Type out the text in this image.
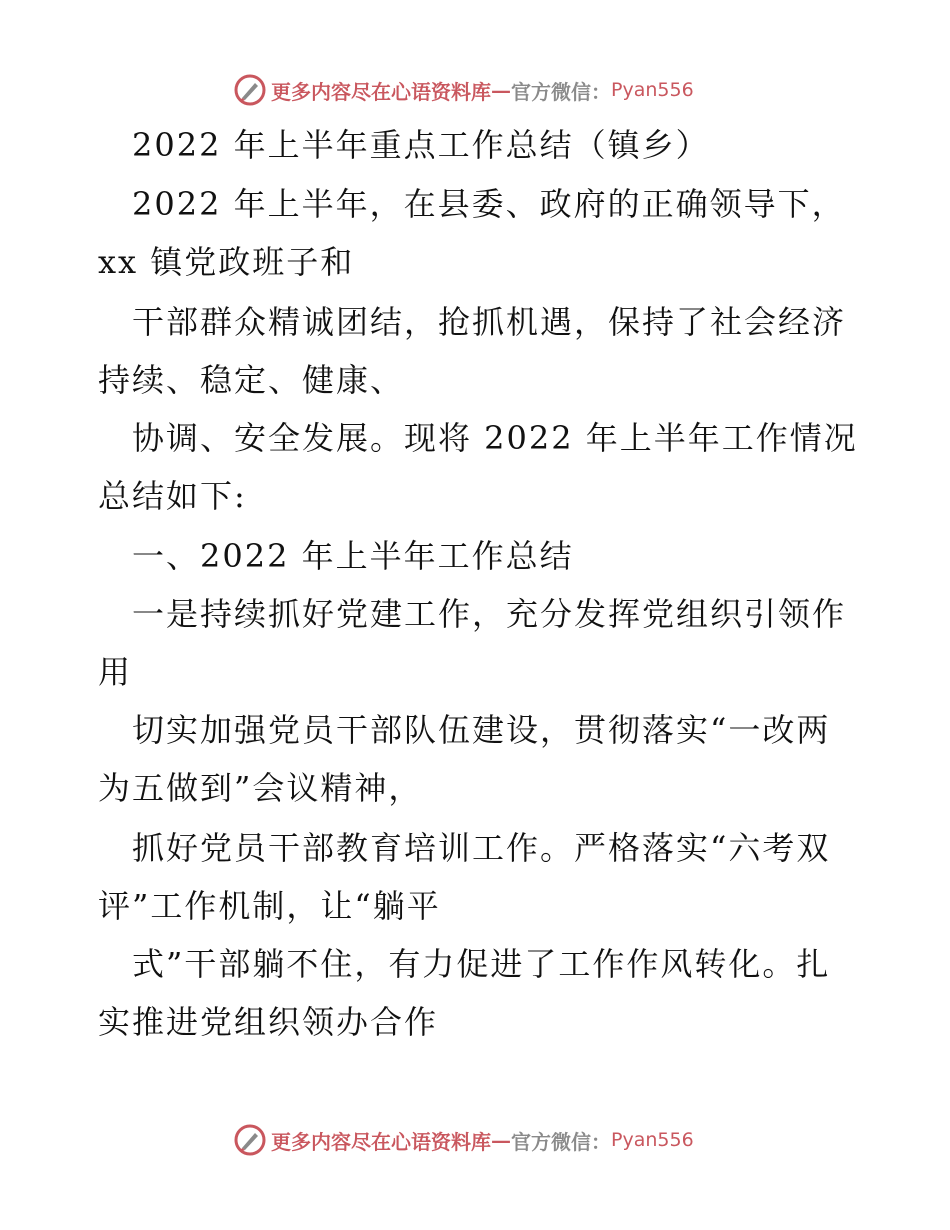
更多内容尽在心语资料库 — 官方微信： Pyan556
　2022 年上半年重点工作总结（镇乡）
　2022 年上半年，在县委、政府的正确领导下，
xx 镇党政班子和
　干部群众精诚团结，抢抓机遇，保持了社会经济
持续、稳定、健康、
　协调、安全发展。现将 2022 年上半年工作情况
总结如下:
　一、2022 年上半年工作总结
　一是持续抓好党建工作，充分发挥党组织引领作
用
　切实加强党员干部队伍建设，贯彻落实“一改两
为五做到”会议精神，
　抓好党员干部教育培训工作。严格落实“六考双
评”工作机制，让“躺平
　式”干部躺不住，有力促进了工作作风转化。扎
实推进党组织领办合作
更多内容尽在心语资料库 — 官方微信： Pyan556
